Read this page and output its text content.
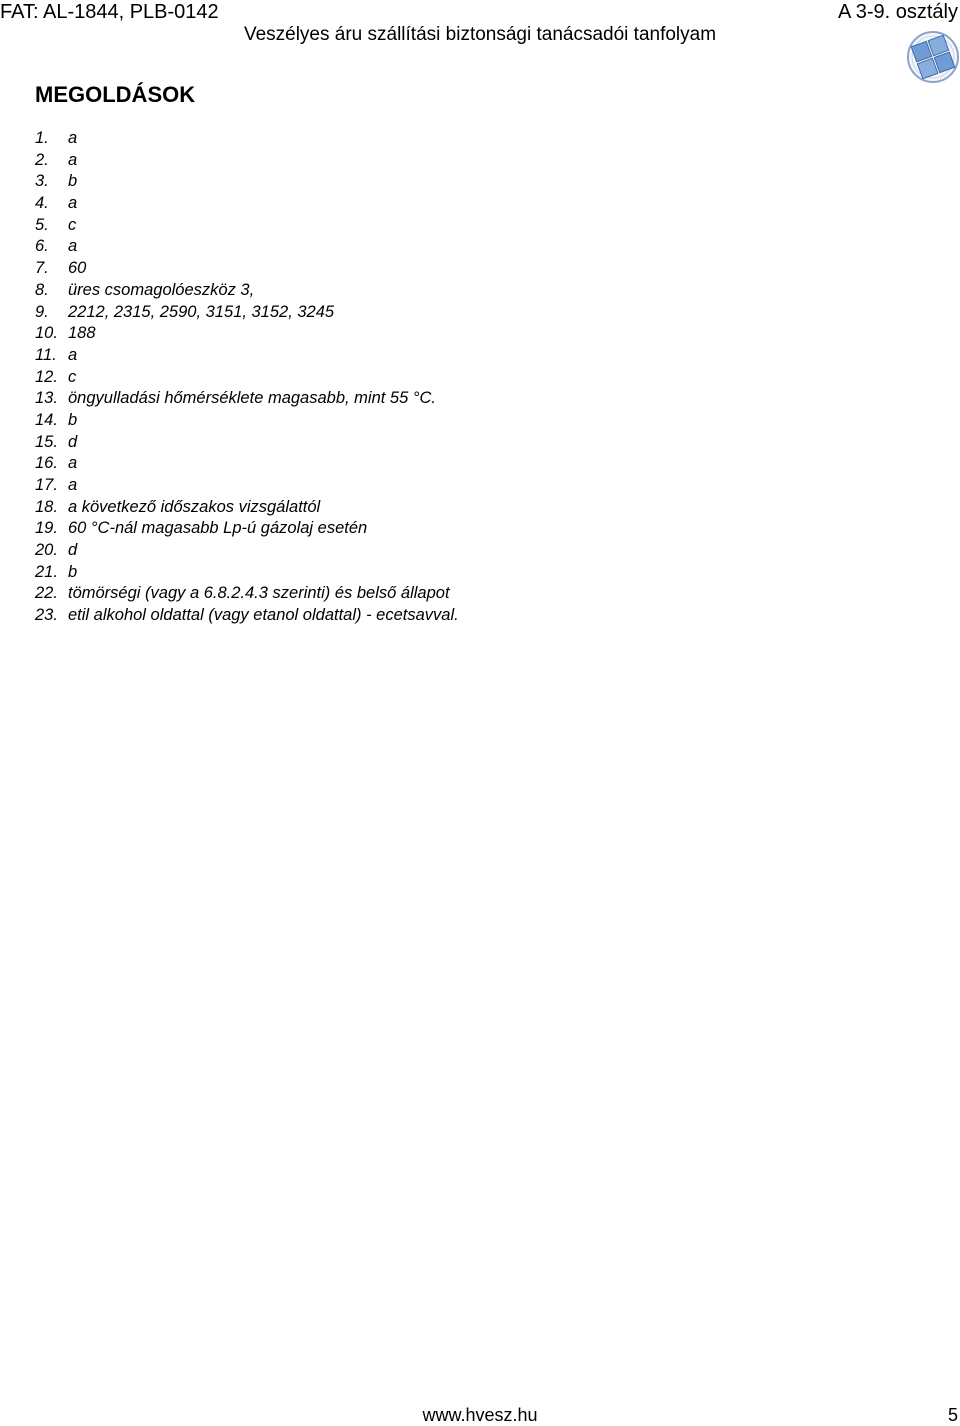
FAT: AL-1844, PLB-0142	A 3-9. osztály
Veszélyes áru szállítási biztonsági tanácsadói tanfolyam
MEGOLDÁSOK
1. a
2. a
3. b
4. a
5. c
6. a
7. 60
8. üres csomagolóeszköz 3,
9. 2212, 2315, 2590, 3151, 3152, 3245
10. 188
11. a
12. c
13. öngyulladási hőmérséklete magasabb, mint 55 °C.
14. b
15. d
16. a
17. a
18. a következő időszakos vizsgálattól
19. 60 °C-nál magasabb Lp-ú gázolaj esetén
20. d
21. b
22. tömörségi (vagy a 6.8.2.4.3 szerinti) és belső állapot
23. etil alkohol oldattal (vagy etanol oldattal) - ecetsavval.
www.hvesz.hu	5
